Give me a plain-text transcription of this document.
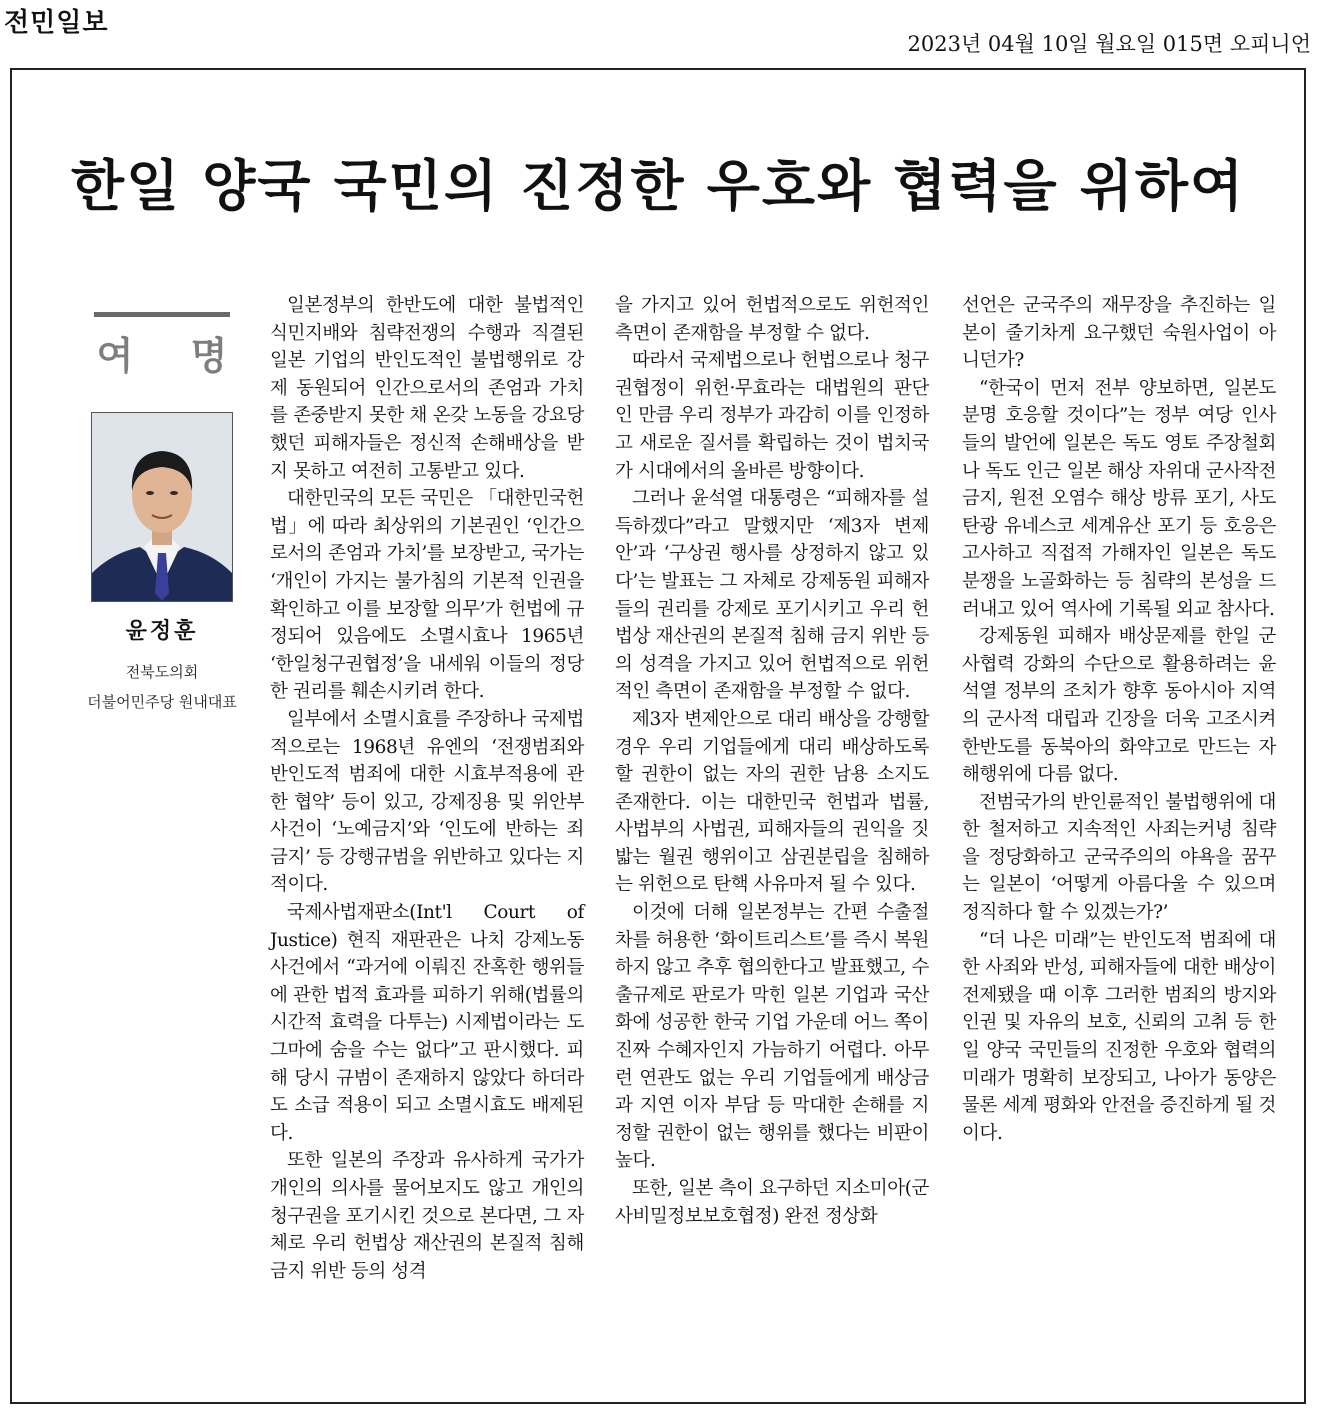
전민일보
2023년 04월 10일 월요일 015면 오피니언
한일 양국 국민의 진정한 우호와 협력을 위하여
여 명
윤정훈
전북도의회
더불어민주당 원내대표

일본정부의 한반도에 대한 불법적인 식민지배와 침략전쟁의 수행과 직결된 일본 기업의 반인도적인 불법행위로 강제 동원되어 인간으로서의 존엄과 가치를 존중받지 못한 채 온갖 노동을 강요당했던 피해자들은 정신적 손해배상을 받지 못하고 여전히 고통받고 있다.

대한민국의 모든 국민은 「대한민국헌법」에 따라 최상위의 기본권인 ‘인간으로서의 존엄과 가치’를 보장받고, 국가는 ‘개인이 가지는 불가침의 기본적 인권을 확인하고 이를 보장할 의무’가 헌법에 규정되어 있음에도 소멸시효나 1965년 ‘한일청구권협정’을 내세워 이들의 정당한 권리를 훼손시키려 한다.

일부에서 소멸시효를 주장하나 국제법적으로는 1968년 유엔의 ‘전쟁범죄와 반인도적 범죄에 대한 시효부적용에 관한 협약’ 등이 있고, 강제징용 및 위안부 사건이 ‘노예금지’와 ‘인도에 반하는 죄 금지’ 등 강행규범을 위반하고 있다는 지적이다.

국제사법재판소(Int'l Court of Justice) 현직 재판관은 나치 강제노동 사건에서 “과거에 이뤄진 잔혹한 행위들에 관한 법적 효과를 피하기 위해(법률의 시간적 효력을 다투는) 시제법이라는 도그마에 숨을 수는 없다”고 판시했다. 피해 당시 규범이 존재하지 않았다 하더라도 소급 적용이 되고 소멸시효도 배제된다.

또한 일본의 주장과 유사하게 국가가 개인의 의사를 물어보지도 않고 개인의 청구권을 포기시킨 것으로 본다면, 그 자체로 우리 헌법상 재산권의 본질적 침해 금지 위반 등의 성격

을 가지고 있어 헌법적으로도 위헌적인 측면이 존재함을 부정할 수 없다.

따라서 국제법으로나 헌법으로나 청구권협정이 위헌·무효라는 대법원의 판단인 만큼 우리 정부가 과감히 이를 인정하고 새로운 질서를 확립하는 것이 법치국가 시대에서의 올바른 방향이다.

그러나 윤석열 대통령은 “피해자를 설득하겠다”라고 말했지만 ‘제3자 변제안’과 ‘구상권 행사를 상정하지 않고 있다’는 발표는 그 자체로 강제동원 피해자들의 권리를 강제로 포기시키고 우리 헌법상 재산권의 본질적 침해 금지 위반 등의 성격을 가지고 있어 헌법적으로 위헌적인 측면이 존재함을 부정할 수 없다.

제3자 변제안으로 대리 배상을 강행할 경우 우리 기업들에게 대리 배상하도록 할 권한이 없는 자의 권한 남용 소지도 존재한다. 이는 대한민국 헌법과 법률, 사법부의 사법권, 피해자들의 권익을 짓밟는 월권 행위이고 삼권분립을 침해하는 위헌으로 탄핵 사유마저 될 수 있다.

이것에 더해 일본정부는 간편 수출절차를 허용한 ‘화이트리스트’를 즉시 복원하지 않고 추후 협의한다고 발표했고, 수출규제로 판로가 막힌 일본 기업과 국산화에 성공한 한국 기업 가운데 어느 쪽이 진짜 수혜자인지 가늠하기 어렵다. 아무런 연관도 없는 우리 기업들에게 배상금과 지연 이자 부담 등 막대한 손해를 지정할 권한이 없는 행위를 했다는 비판이 높다.

또한, 일본 측이 요구하던 지소미아(군사비밀정보보호협정) 완전 정상화

선언은 군국주의 재무장을 추진하는 일본이 줄기차게 요구했던 숙원사업이 아니던가?

“한국이 먼저 전부 양보하면, 일본도 분명 호응할 것이다”는 정부 여당 인사들의 발언에 일본은 독도 영토 주장철회나 독도 인근 일본 해상 자위대 군사작전 금지, 원전 오염수 해상 방류 포기, 사도탄광 유네스코 세계유산 포기 등 호응은 고사하고 직접적 가해자인 일본은 독도분쟁을 노골화하는 등 침략의 본성을 드러내고 있어 역사에 기록될 외교 참사다.

강제동원 피해자 배상문제를 한일 군사협력 강화의 수단으로 활용하려는 윤석열 정부의 조치가 향후 동아시아 지역의 군사적 대립과 긴장을 더욱 고조시켜 한반도를 동북아의 화약고로 만드는 자해행위에 다름 없다.

전범국가의 반인륜적인 불법행위에 대한 철저하고 지속적인 사죄는커녕 침략을 정당화하고 군국주의의 야욕을 꿈꾸는 일본이 ‘어떻게 아름다울 수 있으며 정직하다 할 수 있겠는가?’

“더 나은 미래”는 반인도적 범죄에 대한 사죄와 반성, 피해자들에 대한 배상이 전제됐을 때 이후 그러한 범죄의 방지와 인권 및 자유의 보호, 신뢰의 고취 등 한일 양국 국민들의 진정한 우호와 협력의 미래가 명확히 보장되고, 나아가 동양은 물론 세계 평화와 안전을 증진하게 될 것이다.
